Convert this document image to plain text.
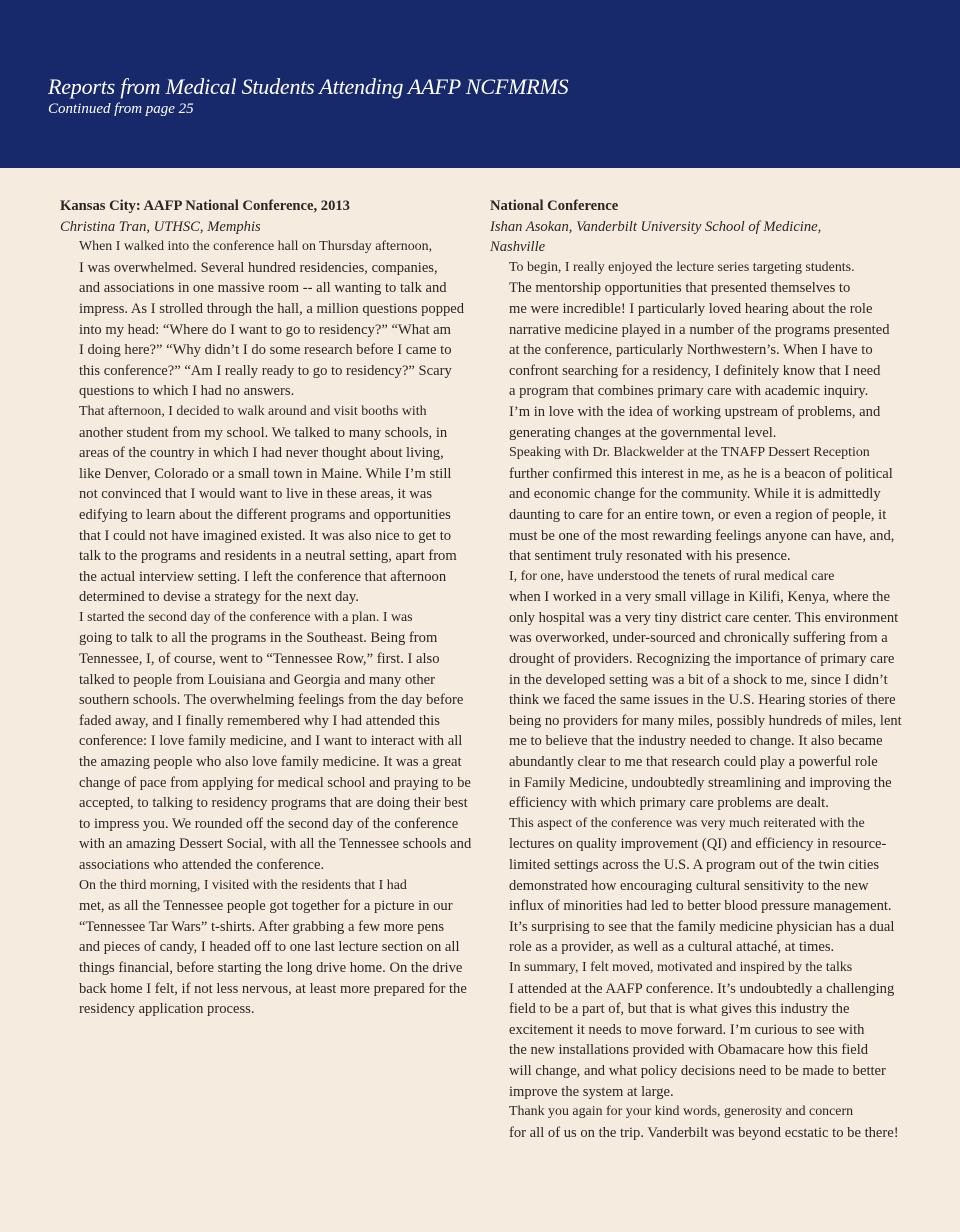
Reports from Medical Students Attending AAFP NCFMRMS
Continued from page 25

Kansas City: AAFP National Conference, 2013

Christina Tran, UTHSC, Memphis

When I walked into the conference hall on Thursday afternoon,
I was overwhelmed. Several hundred residencies, companies,
and associations in one massive room -- all wanting to talk and
impress. As I strolled through the hall, a million questions popped
into my head: “Where do I want to go to residency?” “What am
I doing here?” “Why didn’t I do some research before I came to
this conference?” “Am I really ready to go to residency?” Scary
questions to which I had no answers.

That afternoon, I decided to walk around and visit booths with
another student from my school. We talked to many schools, in
areas of the country in which I had never thought about living,
like Denver, Colorado or a small town in Maine. While I’m still
not convinced that I would want to live in these areas, it was
edifying to learn about the different programs and opportunities
that I could not have imagined existed. It was also nice to get to
talk to the programs and residents in a neutral setting, apart from
the actual interview setting. I left the conference that afternoon
determined to devise a strategy for the next day.

I started the second day of the conference with a plan. I was
going to talk to all the programs in the Southeast. Being from
Tennessee, I, of course, went to “Tennessee Row,” first. I also
talked to people from Louisiana and Georgia and many other
southern schools. The overwhelming feelings from the day before
faded away, and I finally remembered why I had attended this
conference: I love family medicine, and I want to interact with all
the amazing people who also love family medicine. It was a great
change of pace from applying for medical school and praying to be
accepted, to talking to residency programs that are doing their best
to impress you. We rounded off the second day of the conference
with an amazing Dessert Social, with all the Tennessee schools and
associations who attended the conference.

On the third morning, I visited with the residents that I had
met, as all the Tennessee people got together for a picture in our
“Tennessee Tar Wars” t-shirts. After grabbing a few more pens
and pieces of candy, I headed off to one last lecture section on all
things financial, before starting the long drive home. On the drive
back home I felt, if not less nervous, at least more prepared for the
residency application process.

National Conference

Ishan Asokan, Vanderbilt University School of Medicine,
Nashville

To begin, I really enjoyed the lecture series targeting students.
The mentorship opportunities that presented themselves to
me were incredible! I particularly loved hearing about the role
narrative medicine played in a number of the programs presented
at the conference, particularly Northwestern’s. When I have to
confront searching for a residency, I definitely know that I need
a program that combines primary care with academic inquiry.
I’m in love with the idea of working upstream of problems, and
generating changes at the governmental level.

Speaking with Dr. Blackwelder at the TNAFP Dessert Reception
further confirmed this interest in me, as he is a beacon of political
and economic change for the community. While it is admittedly
daunting to care for an entire town, or even a region of people, it
must be one of the most rewarding feelings anyone can have, and,
that sentiment truly resonated with his presence.

I, for one, have understood the tenets of rural medical care
when I worked in a very small village in Kilifi, Kenya, where the
only hospital was a very tiny district care center. This environment
was overworked, under-sourced and chronically suffering from a
drought of providers. Recognizing the importance of primary care
in the developed setting was a bit of a shock to me, since I didn’t
think we faced the same issues in the U.S. Hearing stories of there
being no providers for many miles, possibly hundreds of miles, lent
me to believe that the industry needed to change. It also became
abundantly clear to me that research could play a powerful role
in Family Medicine, undoubtedly streamlining and improving the
efficiency with which primary care problems are dealt.

This aspect of the conference was very much reiterated with the
lectures on quality improvement (QI) and efficiency in resource-
limited settings across the U.S. A program out of the twin cities
demonstrated how encouraging cultural sensitivity to the new
influx of minorities had led to better blood pressure management.
It’s surprising to see that the family medicine physician has a dual
role as a provider, as well as a cultural attaché, at times.

In summary, I felt moved, motivated and inspired by the talks
I attended at the AAFP conference. It’s undoubtedly a challenging
field to be a part of, but that is what gives this industry the
excitement it needs to move forward. I’m curious to see with
the new installations provided with Obamacare how this field
will change, and what policy decisions need to be made to better
improve the system at large.

Thank you again for your kind words, generosity and concern
for all of us on the trip. Vanderbilt was beyond ecstatic to be there!
